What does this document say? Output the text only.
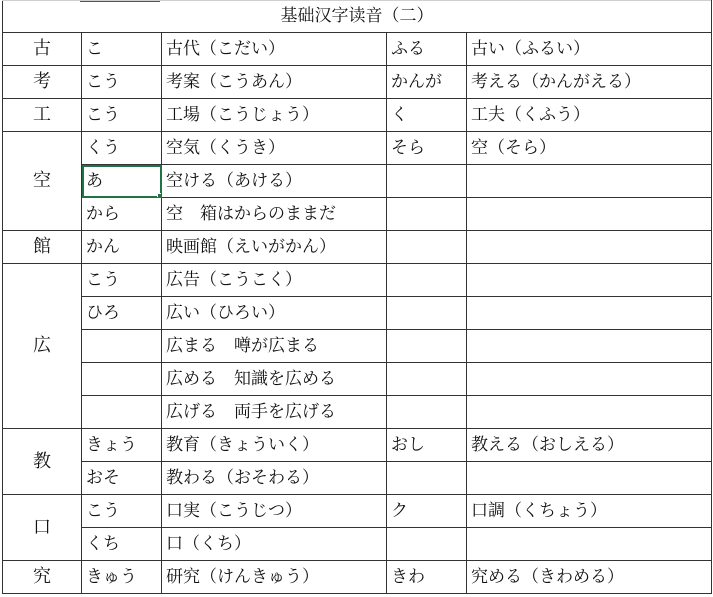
基础汉字读音（二）				
古	こ	古代（こだい）	ふる	古い（ふるい）
考	こう	考案（こうあん）	かんが	考える（かんがえる）
工	こう	工場（こうじょう）	く	工夫（くふう）
空	くう	空気（くうき）	そら	空（そら）
	あ	空ける（あける）		
	から	空　箱はからのままだ		
館	かん	映画館（えいがかん）		
広	こう	広告（こうこく）		
	ひろ	広い（ひろい）		
		広まる　噂が広まる		
		広める　知識を広める		
		広げる　両手を広げる		
教	きょう	教育（きょういく）	おし	教える（おしえる）
	おそ	教わる（おそわる）		
口	こう	口実（こうじつ）	ク	口調（くちょう）
	くち	口（くち）		
究	きゅう	研究（けんきゅう）	きわ	究める（きわめる）
